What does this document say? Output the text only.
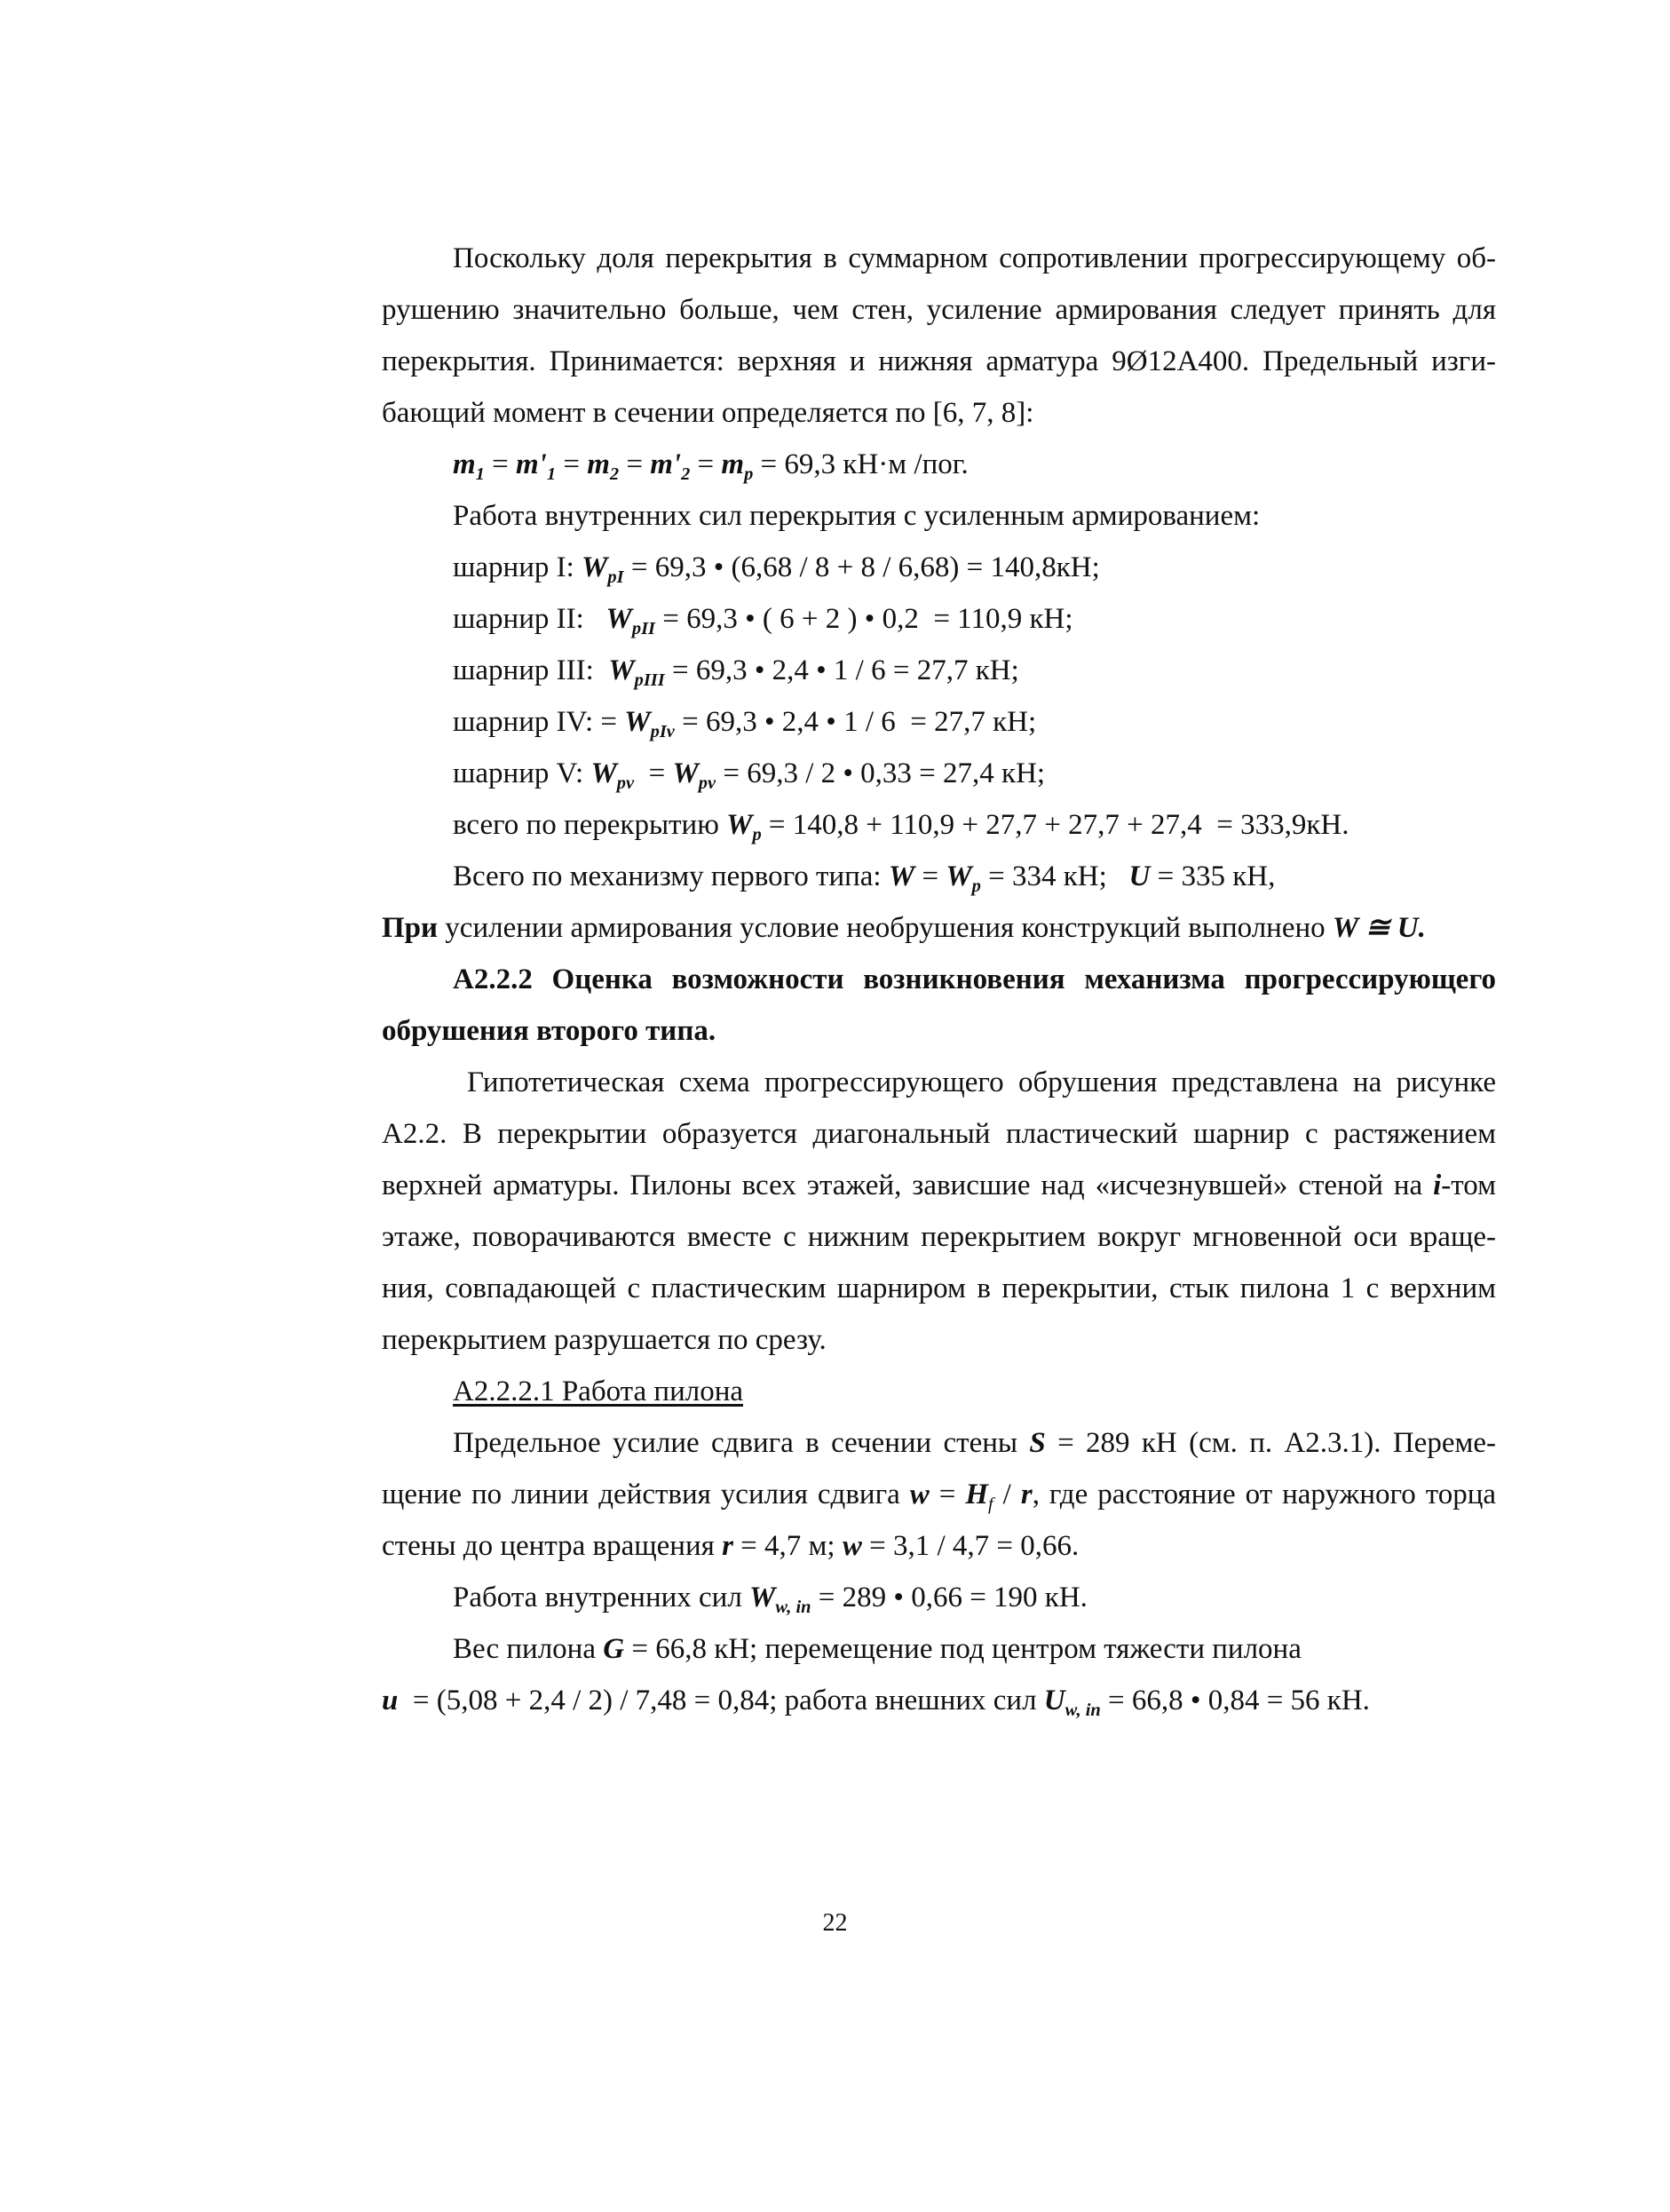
Поскольку доля перекрытия в суммарном сопротивлении прогрессирующему об-
рушению значительно больше, чем стен, усиление армирования следует принять для
перекрытия. Принимается: верхняя и нижняя арматура 9Ø12А400. Предельный изги-
бающий момент в сечении определяется по [6, 7, 8]:
$m_1 = m'_1 = m_2 = m'_2 = m_p = 69,3$ кН·м /пог.
Работа внутренних сил перекрытия с усиленным армированием:
шарнир I: $W_{pI} = 69,3$ • (6,68 / 8 + 8 / 6,68) = 140,8кН;
шарнир II:   $W_{pII} = 69,3$ • ( 6 + 2 ) • 0,2  = 110,9 кН;
шарнир III:  $W_{pIII} = 69,3$ • 2,4 • 1 / 6 = 27,7 кН;
шарнир IV: = $W_{pIv} = 69,3$ • 2,4 • 1 / 6  = 27,7 кН;
шарнир V: $W_{pv} = W_{pv} = 69,3 / 2$ • 0,33 = 27,4 кН;
всего по перекрытию $W_p = 140,8 + 110,9 + 27,7 + 27,7 + 27,4 = 333,9кН$.
Всего по механизму первого типа: $W = W_p = 334$ кН;   U = 335 кН,
При усилении армирования условие необрушения конструкций выполнено W ≅ U.
А2.2.2 Оценка возможности возникновения механизма прогрессирующего
обрушения второго типа.
Гипотетическая схема прогрессирующего обрушения представлена на рисунке
А2.2. В перекрытии образуется диагональный пластический шарнир с растяжением
верхней арматуры. Пилоны всех этажей, зависшие над «исчезнувшей» стеной на i-том
этаже, поворачиваются вместе с нижним перекрытием вокруг мгновенной оси враще-
ния, совпадающей с пластическим шарниром в перекрытии, стык пилона 1 с верхним
перекрытием разрушается по срезу.
А2.2.2.1 Работа пилона
Предельное усилие сдвига в сечении стены S = 289 кН (см. п. А2.3.1). Переме-
щение по линии действия усилия сдвига $w = H_f / r$, где расстояние от наружного торца
стены до центра вращения r = 4,7 м; w = 3,1 / 4,7 = 0,66.
Работа внутренних сил $W_{w, in} = 289$ • 0,66 = 190 кН.
Вес пилона G = 66,8 кН; перемещение под центром тяжести пилона
u  = (5,08 + 2,4 / 2) / 7,48 = 0,84; работа внешних сил $U_{w, in} = 66,8$ • 0,84 = 56 кН.
22
